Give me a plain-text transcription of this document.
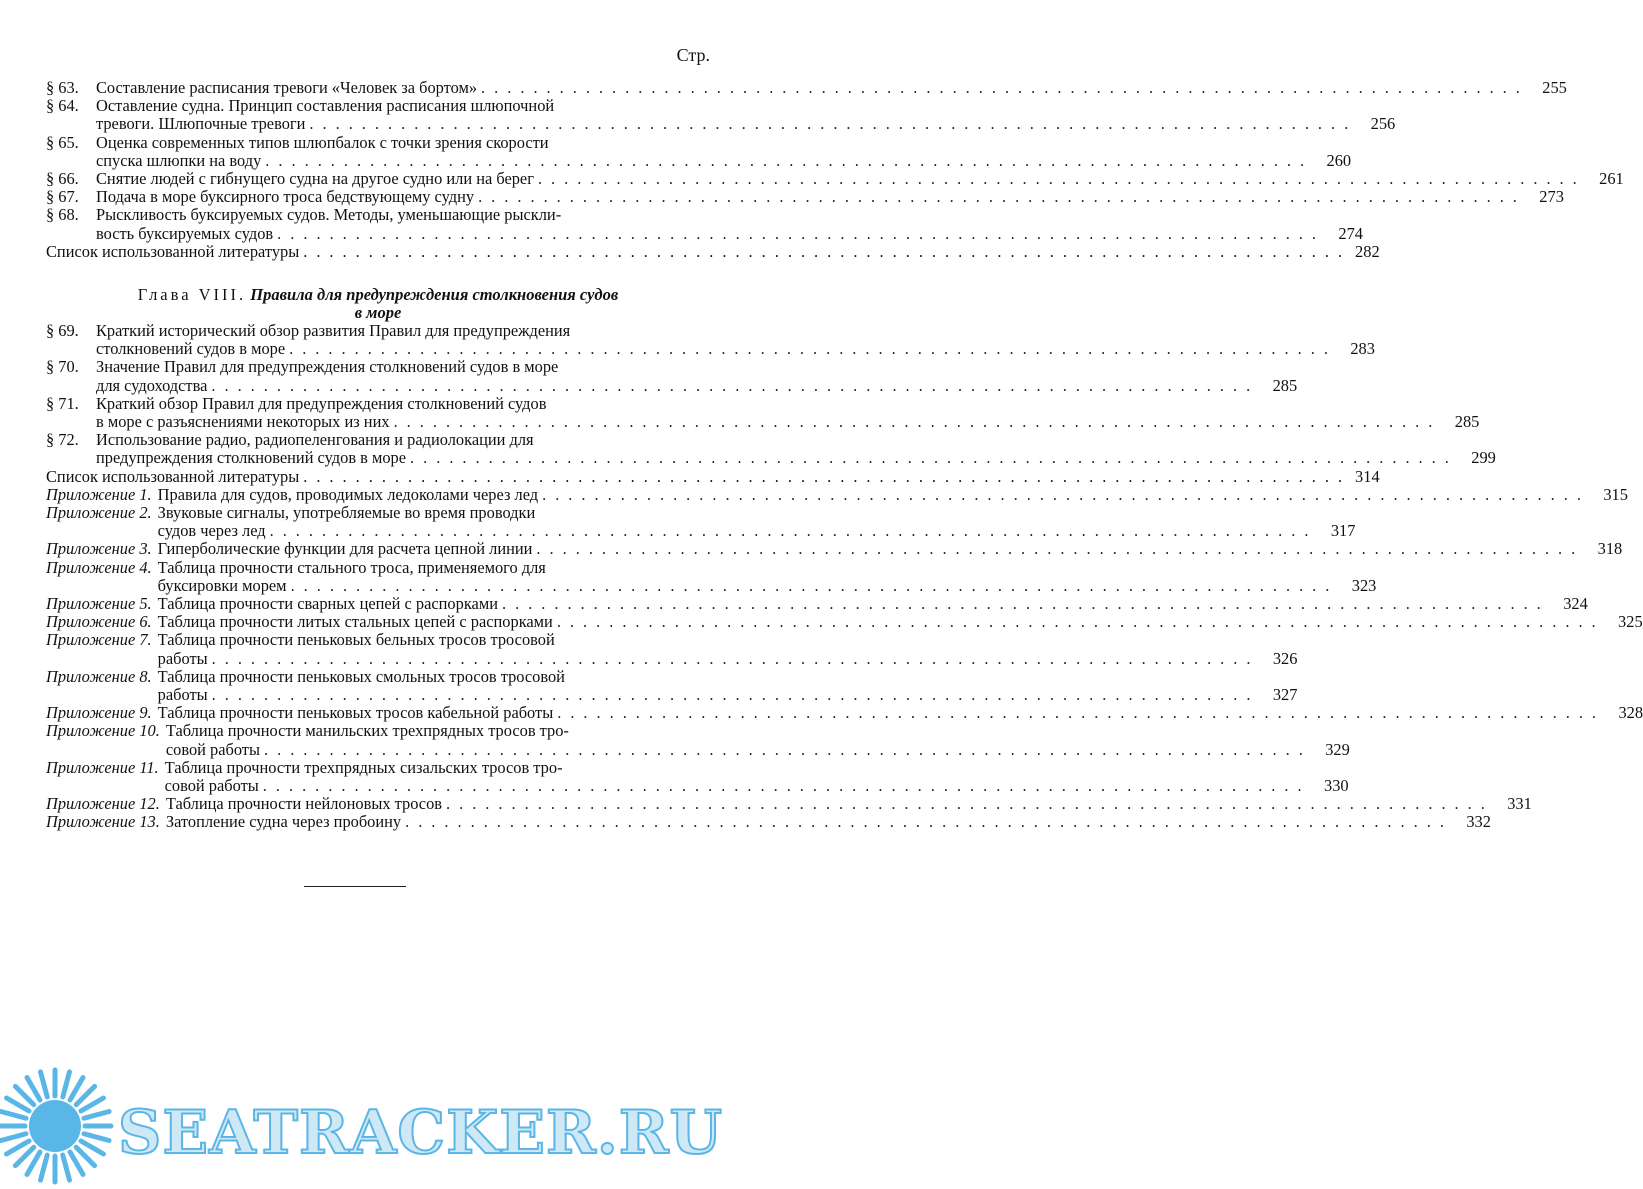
Стр.
§ 63.	Составление расписания тревоги «Человек за бортом» ................................................................................ 255
§ 64.	Оставление судна. Принцип составления расписания шлюпочной
тревоги. Шлюпочные тревоги ................................................................................ 256
§ 65.	Оценка современных типов шлюпбалок с точки зрения скорости
спуска шлюпки на воду ................................................................................ 260
§ 66.	Снятие людей с гибнущего судна на другое судно или на берег ................................................................................ 261
§ 67.	Подача в море буксирного троса бедствующему судну ................................................................................ 273
§ 68.	Рыскливость буксируемых судов. Методы, уменьшающие рыскли-
вость буксируемых судов ................................................................................ 274
Список использованной литературы ................................................................................ 282
Глава VIII. Правила для предупреждения столкновения судов
в море
§ 69.	Краткий исторический обзор развития Правил для предупреждения
столкновений судов в море ................................................................................ 283
§ 70.	Значение Правил для предупреждения столкновений судов в море
для судоходства ................................................................................ 285
§ 71.	Краткий обзор Правил для предупреждения столкновений судов
в море с разъяснениями некоторых из них ................................................................................ 285
§ 72.	Использование радио, радиопеленгования и радиолокации для
предупреждения столкновений судов в море ................................................................................ 299
Список использованной литературы ................................................................................ 314
Приложение 1. Правила для судов, проводимых ледоколами через лед ................................................................................ 315
Приложение 2. Звуковые сигналы, употребляемые во время проводки
судов через лед ................................................................................ 317
Приложение 3. Гиперболические функции для расчета цепной линии ................................................................................ 318
Приложение 4. Таблица прочности стального троса, применяемого для
буксировки морем ................................................................................ 323
Приложение 5. Таблица прочности сварных цепей с распорками ................................................................................ 324
Приложение 6. Таблица прочности литых стальных цепей с распорками ................................................................................ 325
Приложение 7. Таблица прочности пеньковых бельных тросов тросовой
работы ................................................................................ 326
Приложение 8. Таблица прочности пеньковых смольных тросов тросовой
работы ................................................................................ 327
Приложение 9. Таблица прочности пеньковых тросов кабельной работы ................................................................................ 328
Приложение 10. Таблица прочности манильских трехпрядных тросов тро-
совой работы ................................................................................ 329
Приложение 11. Таблица прочности трехпрядных сизальских тросов тро-
совой работы ................................................................................ 330
Приложение 12. Таблица прочности нейлоновых тросов ................................................................................ 331
Приложение 13. Затопление судна через пробоину ................................................................................ 332
SEATRACKER.RU
